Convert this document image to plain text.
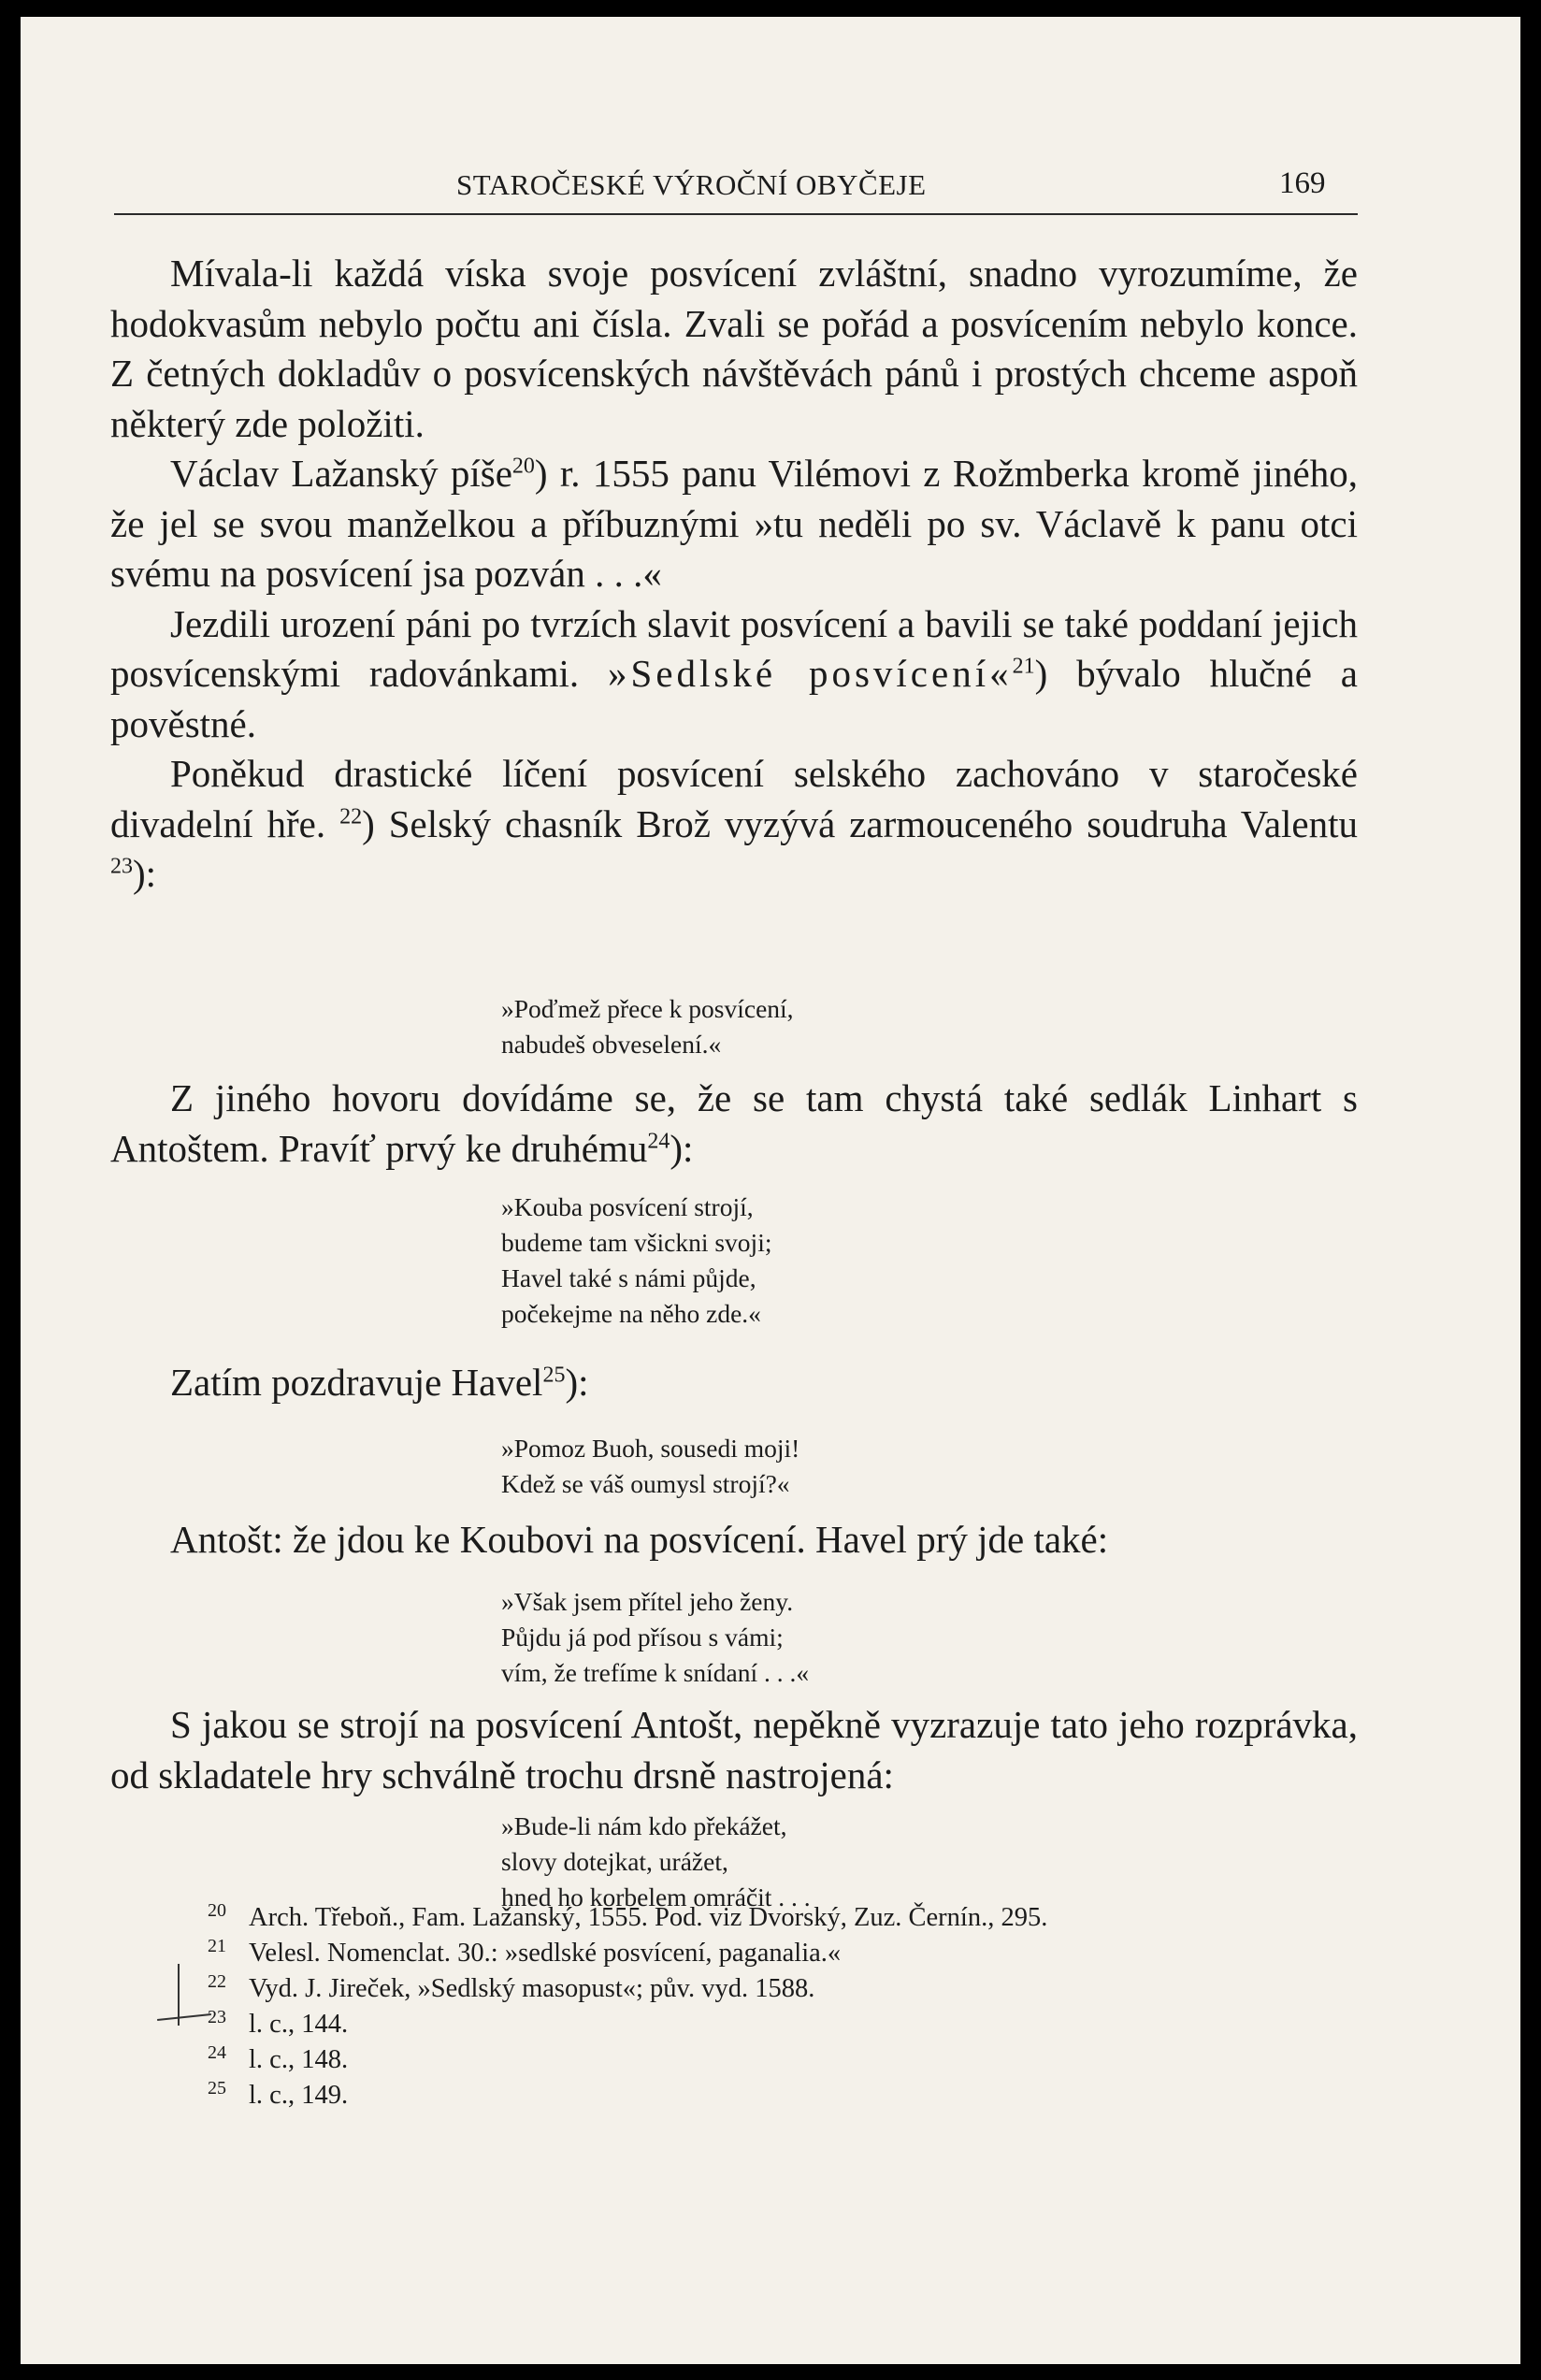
STAROČESKÉ VÝROČNÍ OBYČEJE	169

Mívala-li každá víska svoje posvícení zvláštní, snadno vyrozumíme, že hodokvasům nebylo počtu ani čísla. Zvali se pořád a posvícením nebylo konce. Z četných dokladův o posvícenských návštěvách pánů i prostých chceme aspoň některý zde položiti.

Václav Lažanský píše$^{20}$) r. 1555 panu Vilémovi z Rožmberka kromě jiného, že jel se svou manželkou a příbuznými »tu neděli po sv. Václavě k panu otci svému na posvícení jsa pozván . . .«

Jezdili urození páni po tvrzích slavit posvícení a bavili se také poddaní jejich posvícenskými radovánkami. »Sedlské posvícení«$^{21}$) bývalo hlučné a pověstné.

Poněkud drastické líčení posvícení selského zachováno v staročeské divadelní hře. $^{22}$) Selský chasník Brož vyzývá zarmouceného soudruha Valentu $^{23}$):

»Poďmež přece k posvícení,

nabudeš obveselení.«

Z jiného hovoru dovídáme se, že se tam chystá také sedlák Linhart s Antoštem. Pravíť prvý ke druhému$^{24}$):

»Kouba posvícení strojí,

budeme tam všickni svoji;

Havel také s námi půjde,

počekejme na něho zde.«

Zatím pozdravuje Havel$^{25}$):

»Pomoz Buoh, sousedi moji!

Kdež se váš oumysl strojí?«

Antošt: že jdou ke Koubovi na posvícení. Havel prý jde také:

»Však jsem přítel jeho ženy.

Půjdu já pod přísou s vámi;

vím, že trefíme k snídaní . . .«

S jakou se strojí na posvícení Antošt, nepěkně vyzrazuje tato jeho rozprávka, od skladatele hry schválně trochu drsně nastrojená:

»Bude-li nám kdo překážet,

slovy dotejkat, urážet,

hned ho korbelem omráčit . . .

20 Arch. Třeboň., Fam. Lažanský, 1555. Pod. viz Dvorský, Zuz. Černín., 295.

21 Velesl. Nomenclat. 30.: »sedlské posvícení, paganalia.«

22 Vyd. J. Jireček, »Sedlský masopust«; pův. vyd. 1588.

23 l. c., 144.

24 l. c., 148.

25 l. c., 149.
